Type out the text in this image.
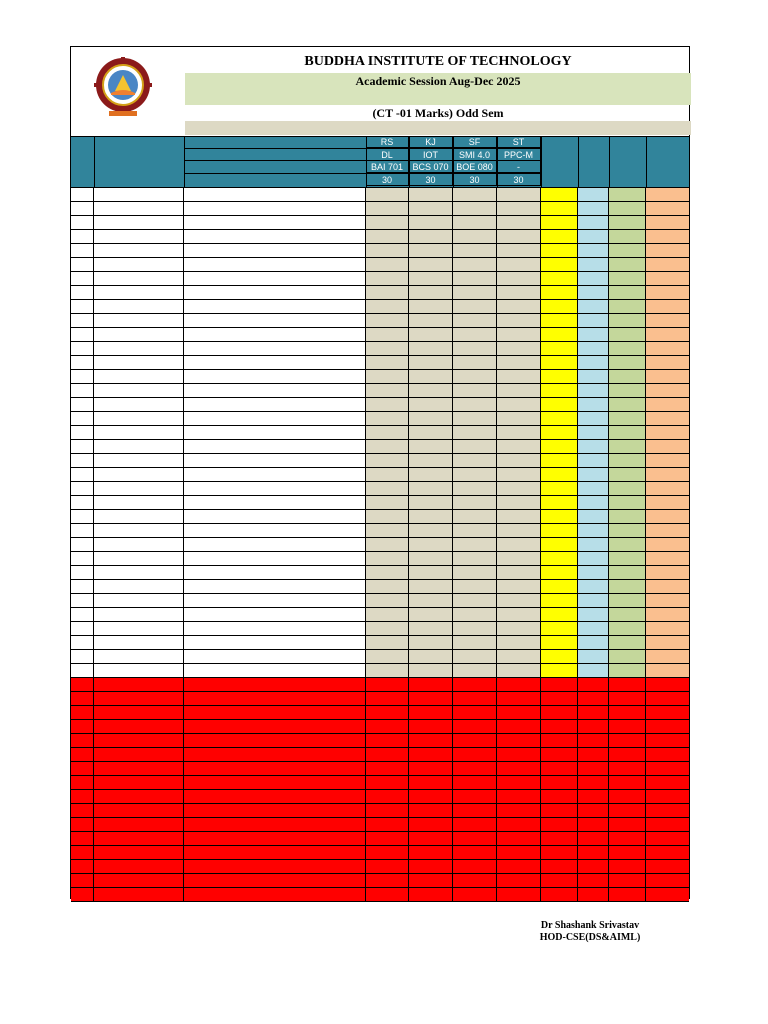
BUDDHA INSTITUTE OF TECHNOLOGY
Academic Session Aug-Dec 2025
(CT -01 Marks) Odd Sem
RS
DL
BAI 701
30
KJ
IOT
BCS 070
30
SF
SMI 4.0
BOE 080
30
ST
PPC-M
-
30
Dr Shashank Srivastav
HOD-CSE(DS&AIML)
